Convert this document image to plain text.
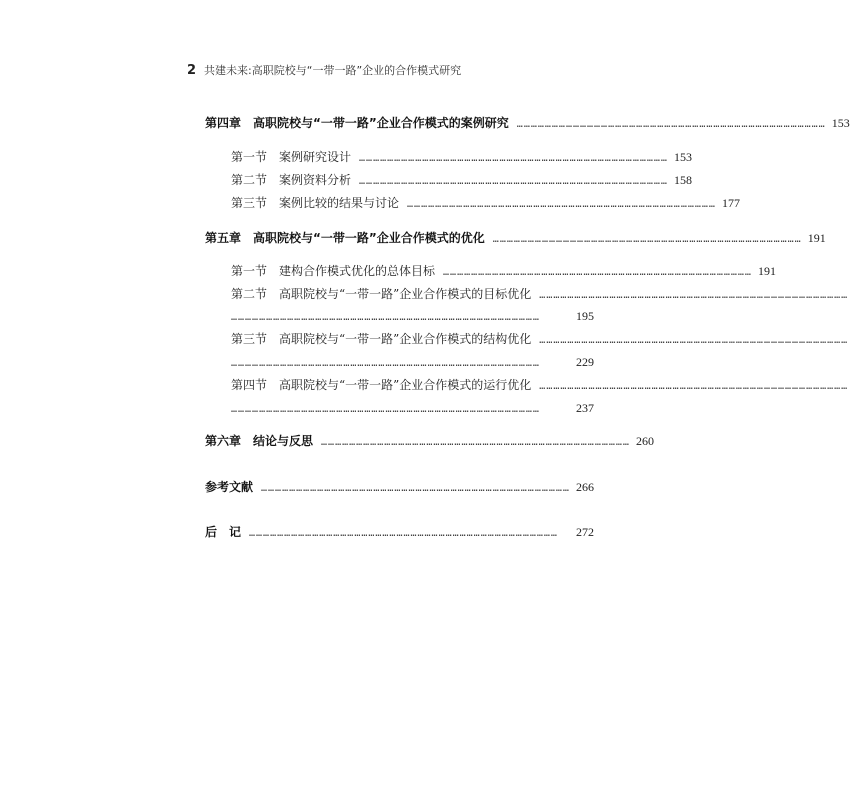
2 共建未来:高职院校与“一带一路”企业的合作模式研究
第四章 高职院校与“一带一路”企业合作模式的案例研究 …………………………………………………………………………………………………………………… 153
第一节 案例研究设计 …………………………………………………………………………………………………………………… 153
第二节 案例资料分析 …………………………………………………………………………………………………………………… 158
第三节 案例比较的结果与讨论 …………………………………………………………………………………………………………………… 177
第五章 高职院校与“一带一路”企业合作模式的优化 …………………………………………………………………………………………………………………… 191
第一节 建构合作模式优化的总体目标 …………………………………………………………………………………………………………………… 191
第二节 高职院校与“一带一路”企业合作模式的目标优化 ……………………………………………………………………………………………………………………
……………………………………………………………………………………………………………………	195
第三节 高职院校与“一带一路”企业合作模式的结构优化 ……………………………………………………………………………………………………………………
……………………………………………………………………………………………………………………	229
第四节 高职院校与“一带一路”企业合作模式的运行优化 ……………………………………………………………………………………………………………………
……………………………………………………………………………………………………………………	237
第六章 结论与反思 …………………………………………………………………………………………………………………… 260
参考文献 …………………………………………………………………………………………………………………… 266
后　记 ……………………………………………………………………………………………………………………	272
